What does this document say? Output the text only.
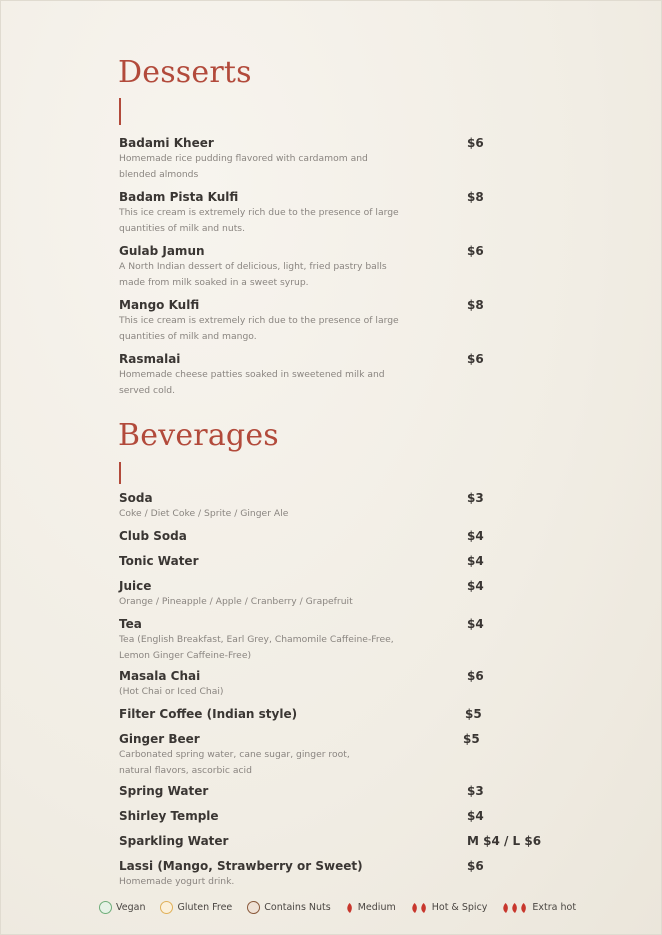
Desserts
Badami Kheer	$6
Homemade rice pudding flavored with cardamom and blended almonds
Badam Pista Kulfi	$8
This ice cream is extremely rich due to the presence of large quantities of milk and nuts.
Gulab Jamun	$6
A North Indian dessert of delicious, light, fried pastry balls made from milk soaked in a sweet syrup.
Mango Kulfi	$8
This ice cream is extremely rich due to the presence of large quantities of milk and mango.
Rasmalai	$6
Homemade cheese patties soaked in sweetened milk and served cold.
Beverages
Soda	$3
Coke / Diet Coke / Sprite / Ginger Ale
Club Soda	$4
Tonic Water	$4
Juice	$4
Orange / Pineapple / Apple / Cranberry / Grapefruit
Tea	$4
Tea (English Breakfast, Earl Grey, Chamomile Caffeine-Free, Lemon Ginger Caffeine-Free)
Masala Chai	$6
(Hot Chai or Iced Chai)
Filter Coffee (Indian style)	$5
Ginger Beer	$5
Carbonated spring water, cane sugar, ginger root, natural flavors, ascorbic acid
Spring Water	$3
Shirley Temple	$4
Sparkling Water	M $4 / L $6
Lassi (Mango, Strawberry or Sweet)	$6
Homemade yogurt drink.
Vegan	Gluten Free	Contains Nuts	Medium	Hot & Spicy	Extra hot
